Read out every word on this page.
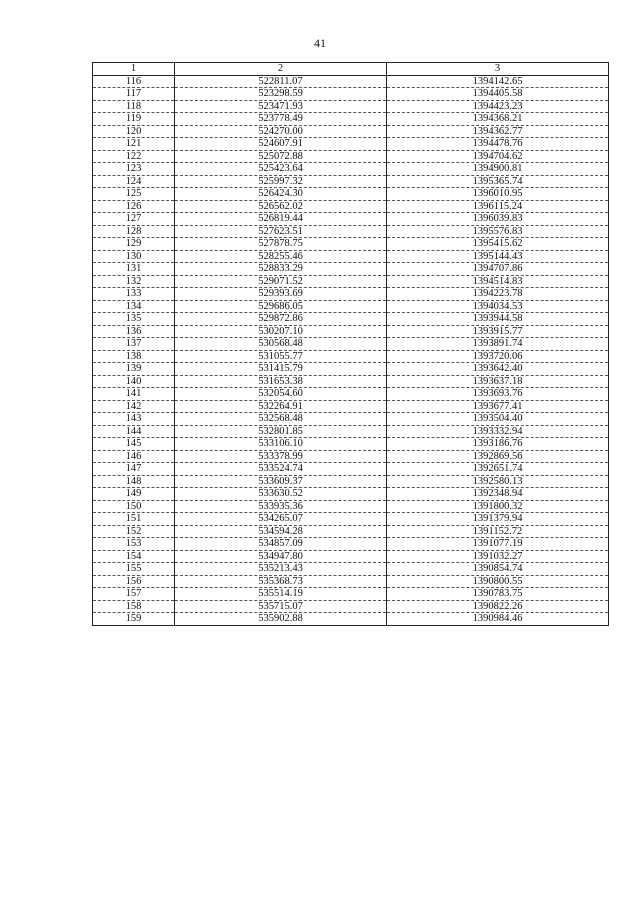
41
1	2	3
116	522811.07	1394142.65
117	523298.59	1394405.58
118	523471.93	1394423.23
119	523778.49	1394368.21
120	524270.00	1394362.77
121	524607.91	1394478.76
122	525072.88	1394704.62
123	525423.64	1394900.81
124	525997.32	1395365.74
125	526424.30	1396010.95
126	526562.02	1396115.24
127	526819.44	1396039.83
128	527623.51	1395576.83
129	527878.75	1395415.62
130	528255.46	1395144.43
131	528833.29	1394707.86
132	529071.52	1394514.83
133	529393.69	1394223.78
134	529686.05	1394034.53
135	529872.86	1393944.58
136	530207.10	1393915.77
137	530568.48	1393891.74
138	531055.77	1393720.06
139	531415.79	1393642.40
140	531653.38	1393637.18
141	532054.60	1393693.76
142	532264.91	1393677.41
143	532568.48	1393504.40
144	532801.85	1393332.94
145	533106.10	1393186.76
146	533378.99	1392869.56
147	533524.74	1392651.74
148	533609.37	1392580.13
149	533630.52	1392348.94
150	533935.36	1391800.32
151	534265.07	1391379.94
152	534594.28	1391152.72
153	534857.09	1391077.19
154	534947.80	1391032.27
155	535213.43	1390854.74
156	535368.73	1390800.55
157	535514.19	1390783.75
158	535715.07	1390822.26
159	535902.88	1390984.46
